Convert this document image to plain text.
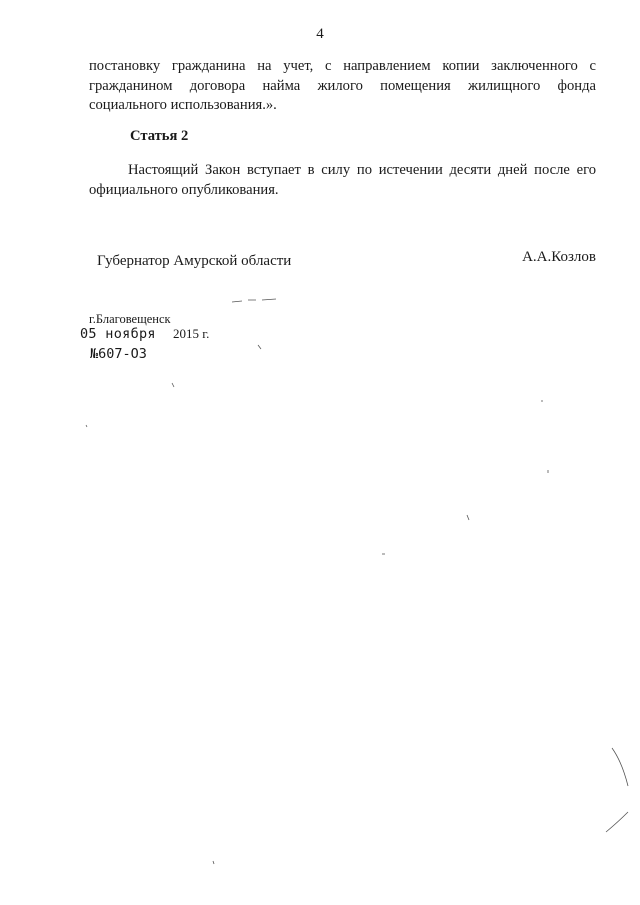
4
постановку гражданина на учет, с направлением копии заключенного с
гражданином договора найма жилого помещения жилищного фонда
социального использования.».
Статья 2
Настоящий Закон вступает в силу по истечении десяти дней после его
официального опубликования.
Губернатор Амурской области	А.А.Козлов
г.Благовещенск
05 ноября 2015 г.
№607-ОЗ
